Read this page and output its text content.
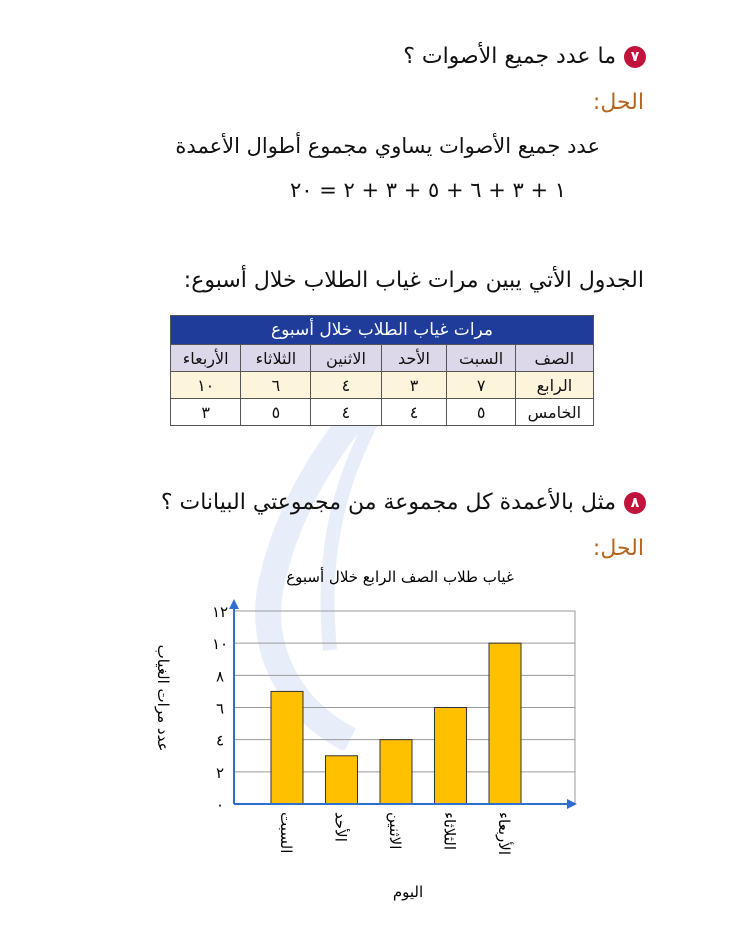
٧
ما عدد جميع الأصوات ؟
الحل:
عدد جميع الأصوات يساوي مجموع أطوال الأعمدة
١ + ٣ + ٦ + ٥ + ٣ + ٢ = ٢٠
الجدول الأتي يبين مرات غياب الطلاب خلال أسبوع:
مرات غياب الطلاب خلال أسبوع					
الصف	السبت	الأحد	الاثنين	الثلاثاء	الأربعاء
الرابع	٧	٣	٤	٦	١٠
الخامس	٥	٤	٤	٥	٣
٨
مثل بالأعمدة كل مجموعة من مجموعتي البيانات ؟
الحل:
غياب طلاب الصف الرابع خلال أسبوع
٠
٢
٤
٦
٨
١٠
١٢
السبت الأحد الاثنين الثلاثاء الأربعاء
عدد مرات الغياب
اليوم
